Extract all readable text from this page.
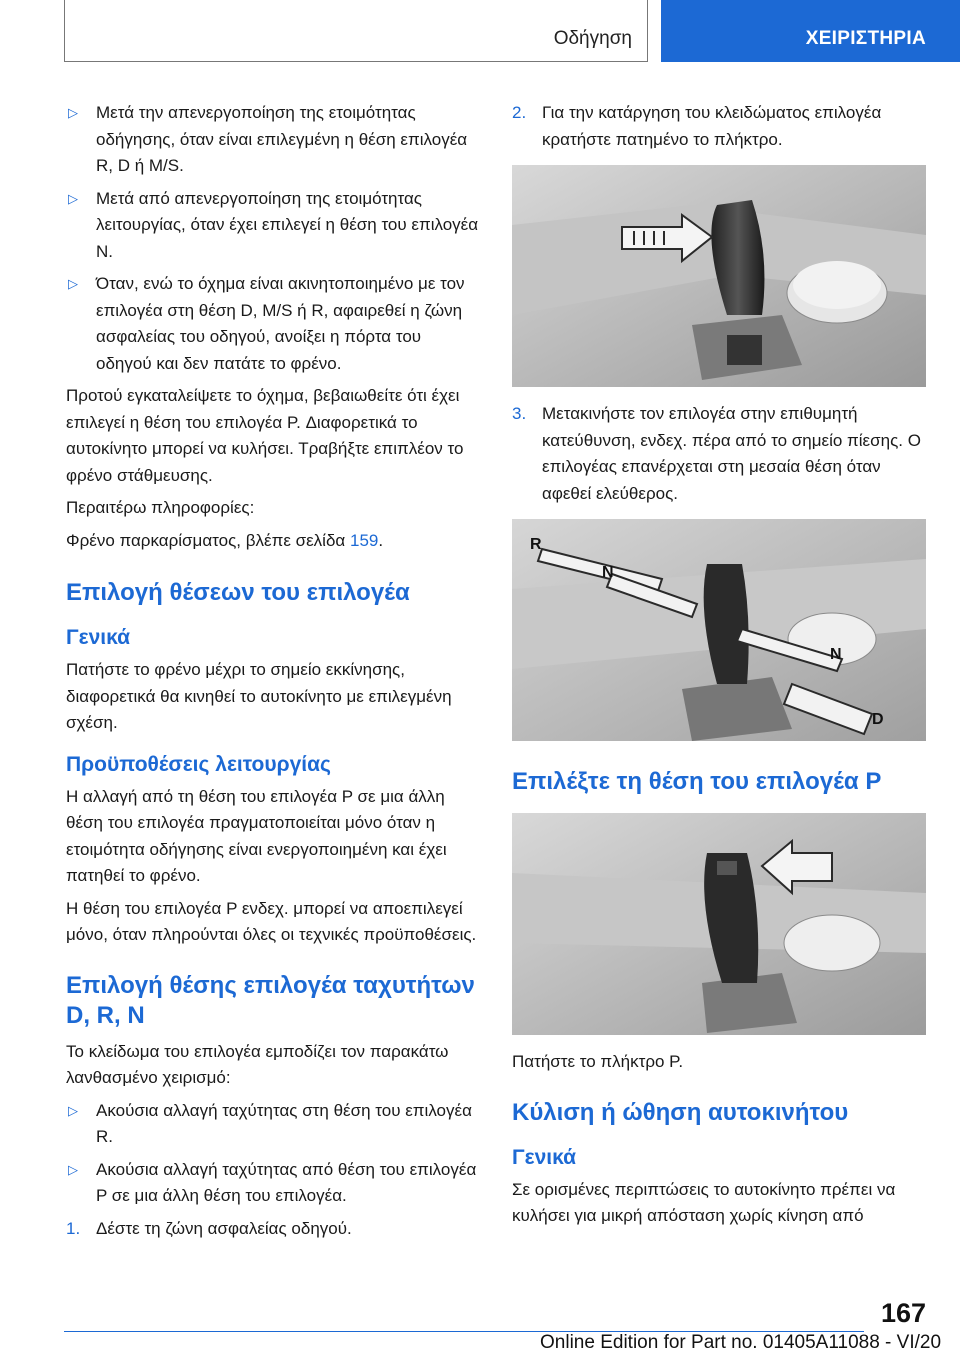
Οδήγηση	ΧΕΙΡΙΣΤΗΡΙΑ
▷ Μετά την απενεργοποίηση της ετοιμότητας οδήγησης, όταν είναι επιλεγμένη η θέση επιλογέα R, D ή M/S.
▷ Μετά από απενεργοποίηση της ετοιμότητας λειτουργίας, όταν έχει επιλεγεί η θέση του επιλογέα N.
▷ Όταν, ενώ το όχημα είναι ακινητοποιημένο με τον επιλογέα στη θέση D, M/S ή R, αφαιρεθεί η ζώνη ασφαλείας του οδηγού, ανοίξει η πόρτα του οδηγού και δεν πατάτε το φρένο.

Προτού εγκαταλείψετε το όχημα, βεβαιωθείτε ότι έχει επιλεγεί η θέση του επιλογέα P. Διαφορετικά το αυτοκίνητο μπορεί να κυλήσει. Τραβήξτε επιπλέον το φρένο στάθμευσης.

Περαιτέρω πληροφορίες:

Φρένο παρκαρίσματος, βλέπε σελίδα 159.

Επιλογή θέσεων του επιλογέα
Γενικά

Πατήστε το φρένο μέχρι το σημείο εκκίνησης, διαφορετικά θα κινηθεί το αυτοκίνητο με επιλεγμένη σχέση.

Προϋποθέσεις λειτουργίας

Η αλλαγή από τη θέση του επιλογέα P σε μια άλλη θέση του επιλογέα πραγματοποιείται μόνο όταν η ετοιμότητα οδήγησης είναι ενεργοποιημένη και έχει πατηθεί το φρένο.

Η θέση του επιλογέα P ενδεχ. μπορεί να αποεπιλεγεί μόνο, όταν πληρούνται όλες οι τεχνικές προϋποθέσεις.

Επιλογή θέσης επιλογέα ταχυτήτων D, R, N

Το κλείδωμα του επιλογέα εμποδίζει τον παρακάτω λανθασμένο χειρισμό:

▷ Ακούσια αλλαγή ταχύτητας στη θέση του επιλογέα R.
▷ Ακούσια αλλαγή ταχύτητας από θέση του επιλογέα P σε μια άλλη θέση του επιλογέα.
1. Δέστε τη ζώνη ασφαλείας οδηγού.
2. Για την κατάργηση του κλειδώματος επιλογέα κρατήστε πατημένο το πλήκτρο.
3. Μετακινήστε τον επιλογέα στην επιθυμητή κατεύθυνση, ενδεχ. πέρα από το σημείο πίεσης. Ο επιλογέας επανέρχεται στη μεσαία θέση όταν αφεθεί ελεύθερος.
R
N
N
D
Επιλέξτε τη θέση του επιλογέα P

Πατήστε το πλήκτρο P.

Κύλιση ή ώθηση αυτοκινήτου
Γενικά

Σε ορισμένες περιπτώσεις το αυτοκίνητο πρέπει να κυλήσει για μικρή απόσταση χωρίς κίνηση από

167
Online Edition for Part no. 01405A11088 - VI/20
